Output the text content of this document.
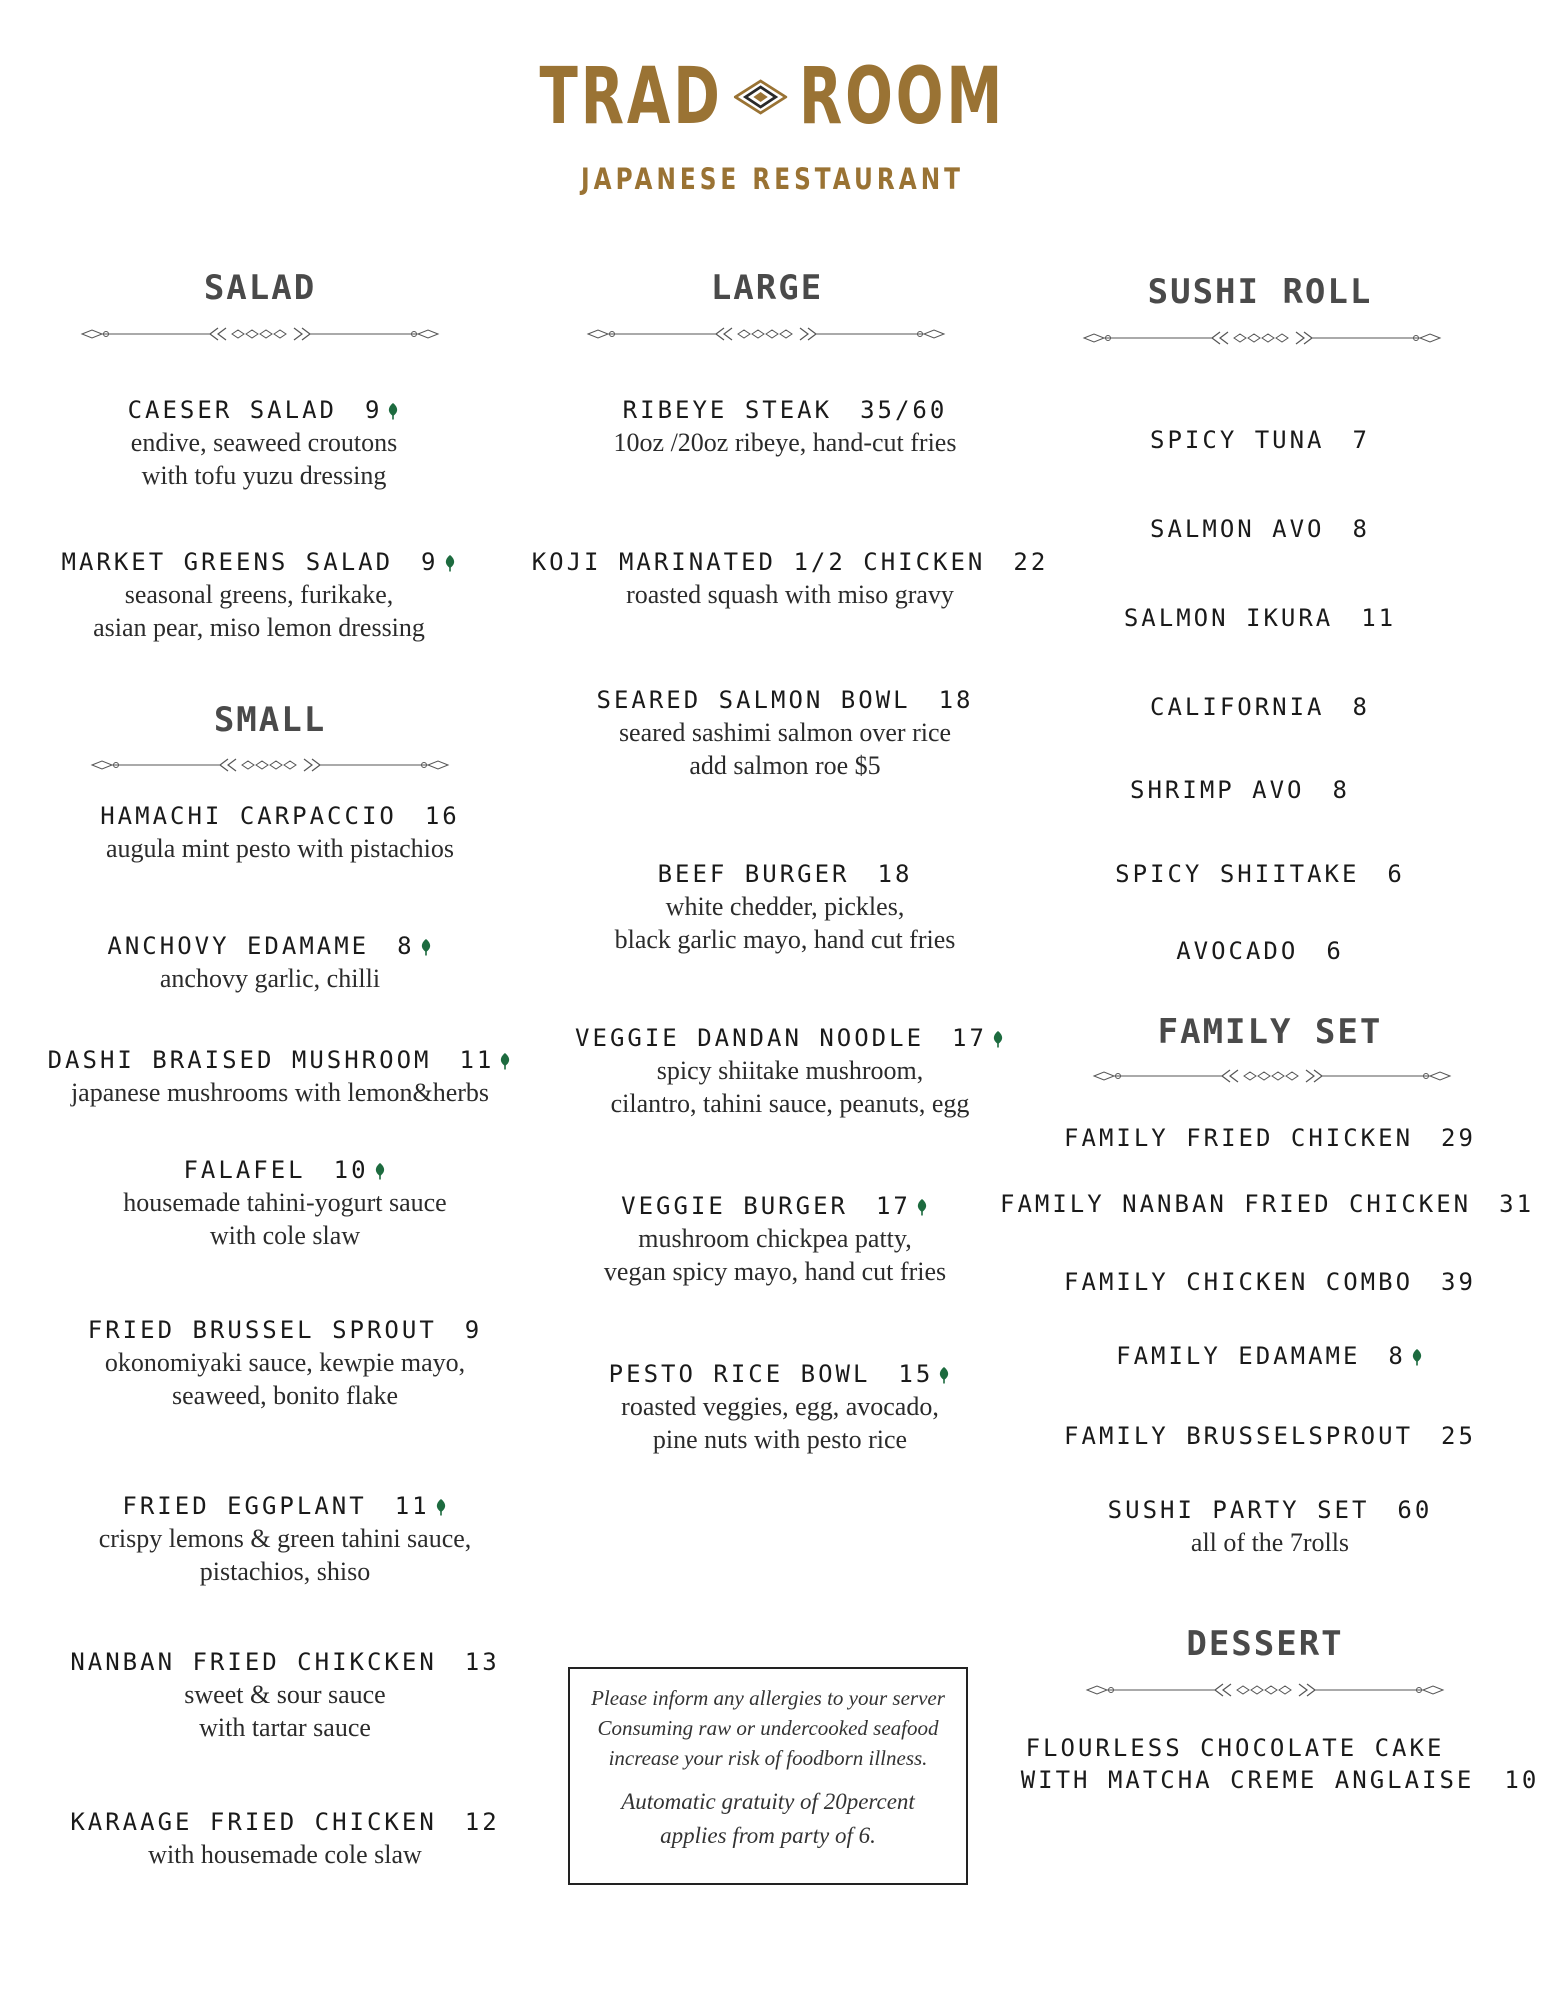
TRAD ROOM
JAPANESE RESTAURANT
SALAD	LARGE	SUSHI ROLL
SMALL
FAMILY SET
DESSERT
CAESER SALAD 9
endive, seaweed croutons
with tofu yuzu dressing
MARKET GREENS SALAD 9
seasonal greens, furikake,
asian pear, miso lemon dressing
HAMACHI CARPACCIO 16
augula mint pesto with pistachios
ANCHOVY EDAMAME 8
anchovy garlic, chilli
DASHI BRAISED MUSHROOM 11
japanese mushrooms with lemon&herbs
FALAFEL 10
housemade tahini-yogurt sauce
with cole slaw
FRIED BRUSSEL SPROUT 9
okonomiyaki sauce, kewpie mayo,
seaweed, bonito flake
FRIED EGGPLANT 11
crispy lemons & green tahini sauce,
pistachios, shiso
NANBAN FRIED CHIKCKEN 13
sweet & sour sauce
with tartar sauce
KARAAGE FRIED CHICKEN 12
with housemade cole slaw
RIBEYE STEAK 35/60
10oz /20oz ribeye, hand-cut fries
KOJI MARINATED 1/2 CHICKEN 22
roasted squash with miso gravy
SEARED SALMON BOWL 18
seared sashimi salmon over rice
add salmon roe $5
BEEF BURGER 18
white chedder, pickles,
black garlic mayo, hand cut fries
VEGGIE DANDAN NOODLE 17
spicy shiitake mushroom,
cilantro, tahini sauce, peanuts, egg
VEGGIE BURGER 17
mushroom chickpea patty,
vegan spicy mayo, hand cut fries
PESTO RICE BOWL 15
roasted veggies, egg, avocado,
pine nuts with pesto rice
SPICY TUNA 7
SALMON AVO 8
SALMON IKURA 11
CALIFORNIA 8
SHRIMP AVO 8
SPICY SHIITAKE 6
AVOCADO 6
FAMILY FRIED CHICKEN 29
FAMILY NANBAN FRIED CHICKEN 31
FAMILY CHICKEN COMBO 39
FAMILY EDAMAME 8
FAMILY BRUSSELSPROUT 25
SUSHI PARTY SET 60
all of the 7rolls
FLOURLESS CHOCOLATE CAKE
WITH MATCHA CREME ANGLAISE 10
Please inform any allergies to your server
Consuming raw or undercooked seafood
increase your risk of foodborn illness.
Automatic gratuity of 20percent
applies from party of 6.
